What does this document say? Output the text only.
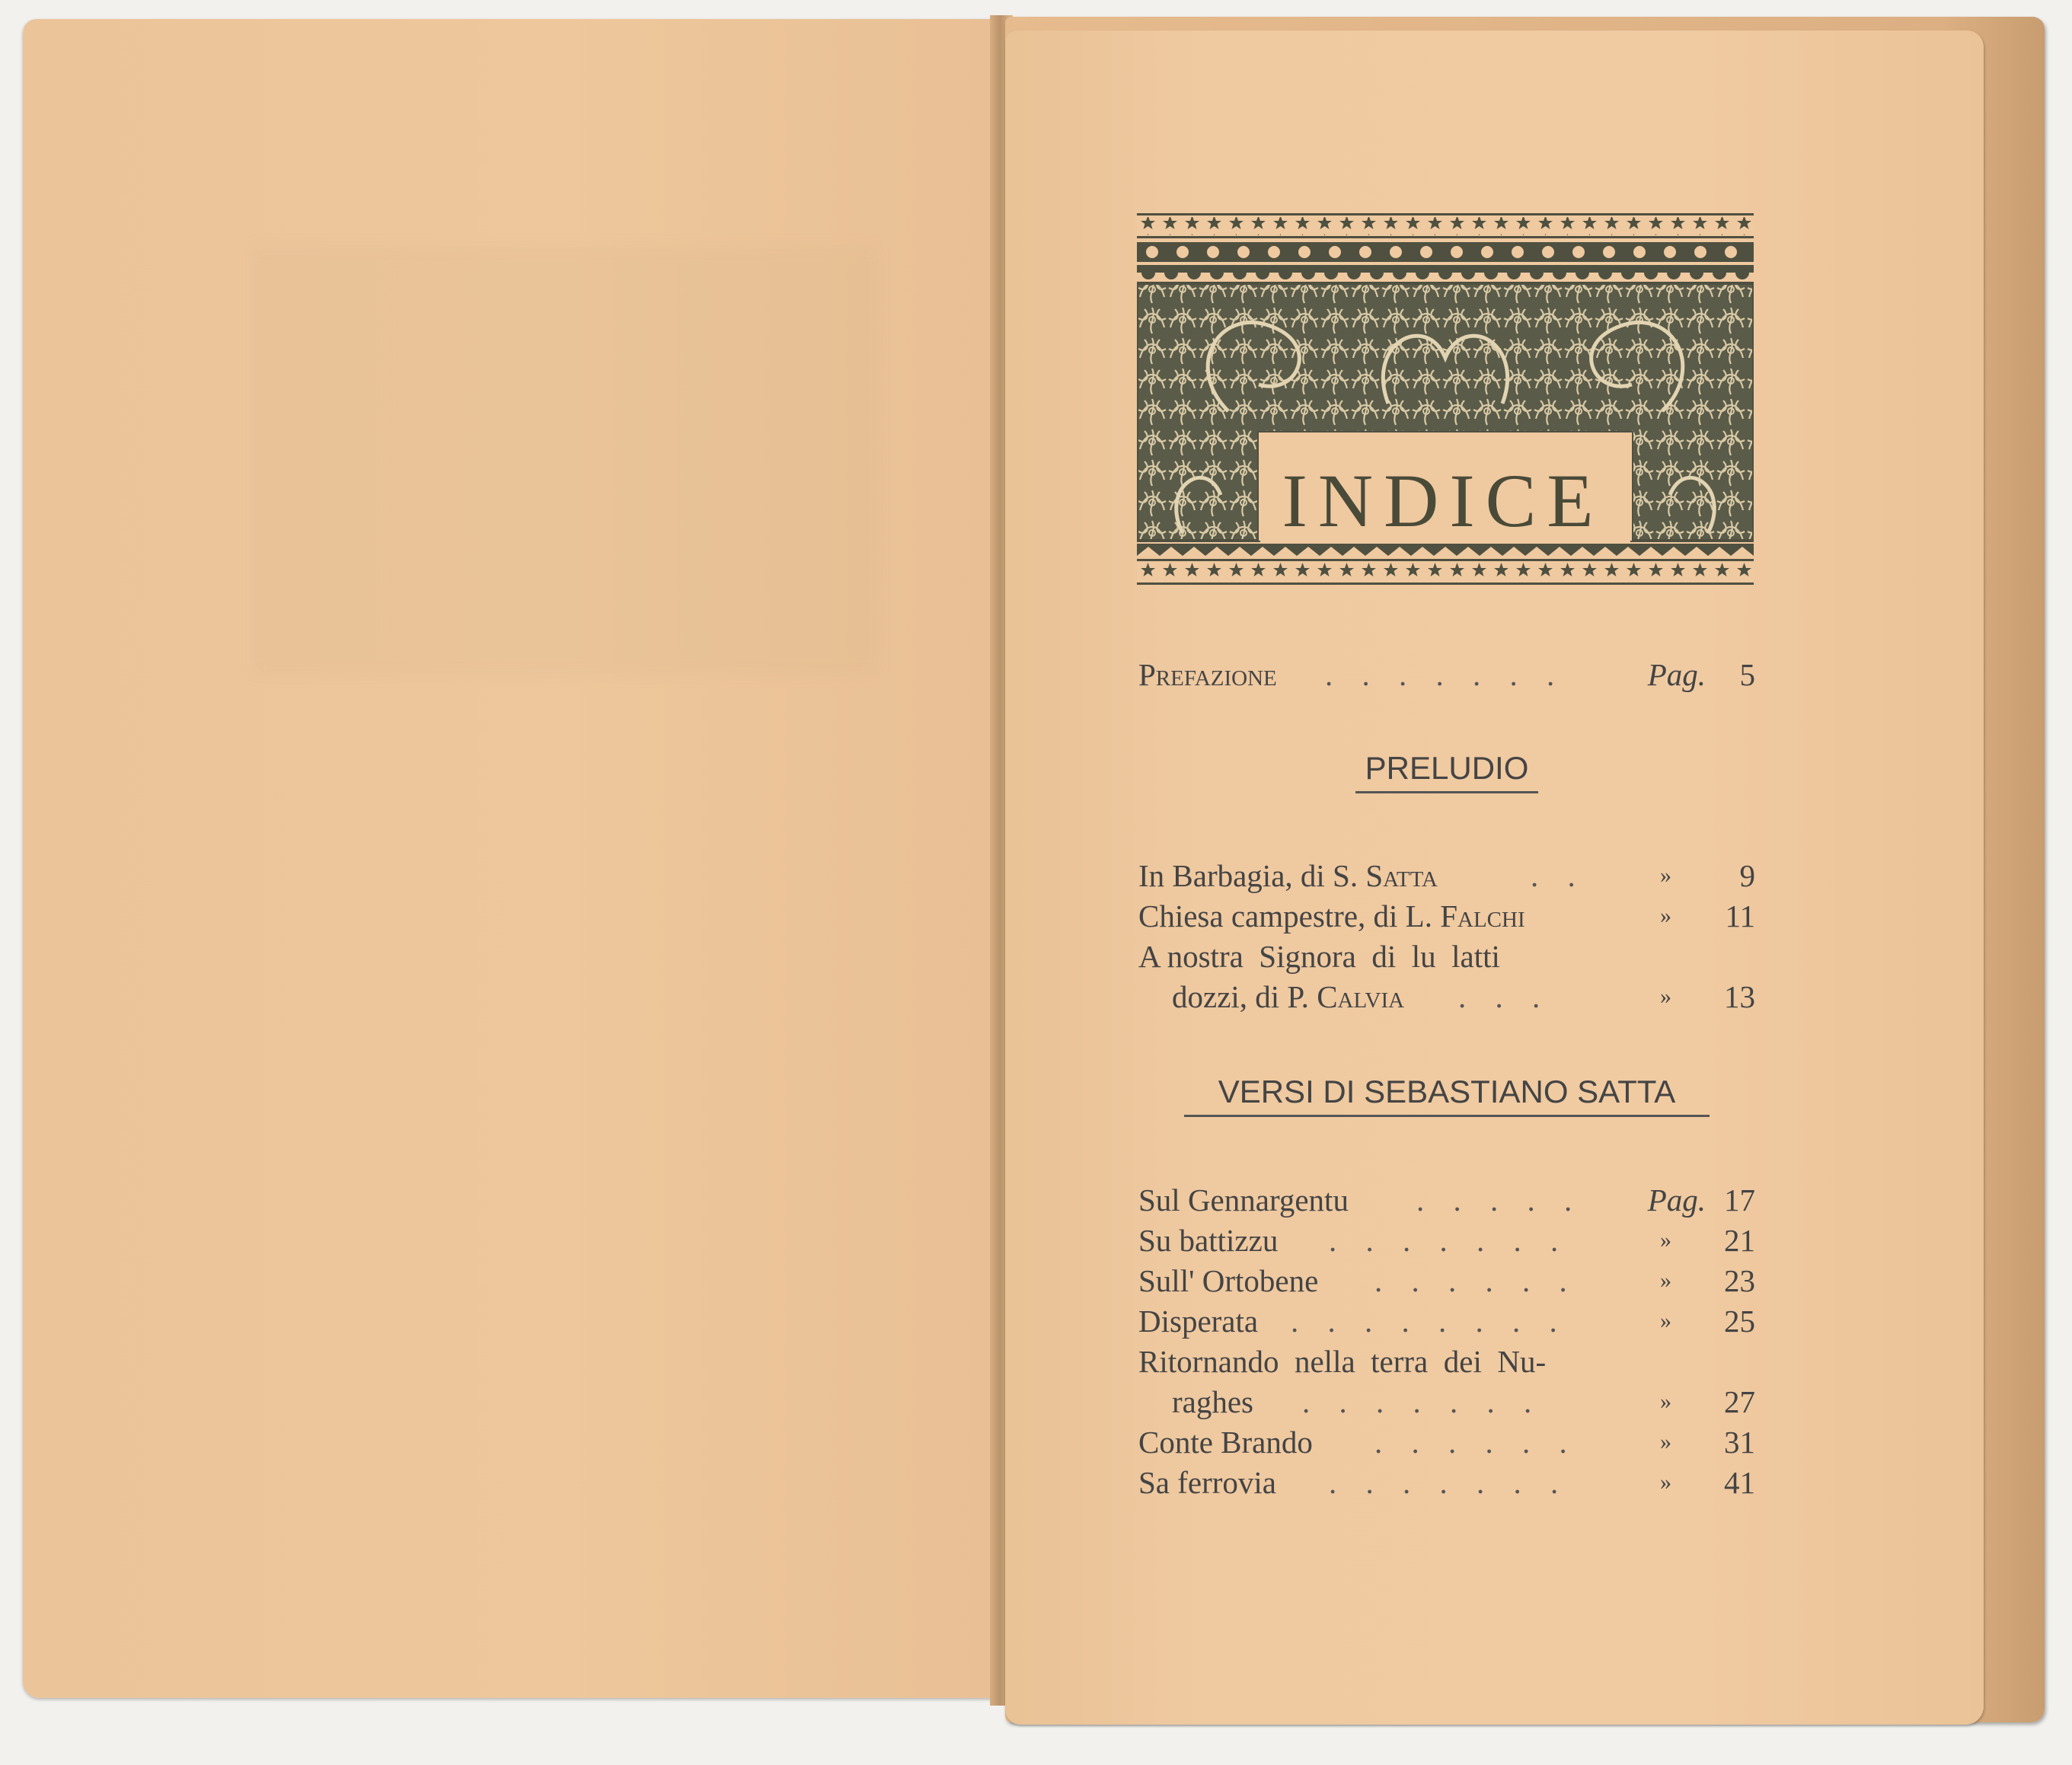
INDICE
Prefazione . . . . . . .	Pag. 5
PRELUDIO
In Barbagia, di S. Satta	. .	» 9
Chiesa campestre, di L. Falchi	» 11
A nostra  Signora  di  lu  latti
dozzi, di P. Calvia . . .	» 13
VERSI DI SEBASTIANO SATTA
Sul Gennargentu . . . . . Pag. 17
Su battizzu . . . . . . .	» 21
Sull' Ortobene . . . . . .	» 23
Disperata . . . . . . . .	» 25
Ritornando  nella  terra  dei  Nu-
raghes . . . . . . .	» 27
Conte Brando . . . . . .	» 31
Sa ferrovia . . . . . . .	» 41
